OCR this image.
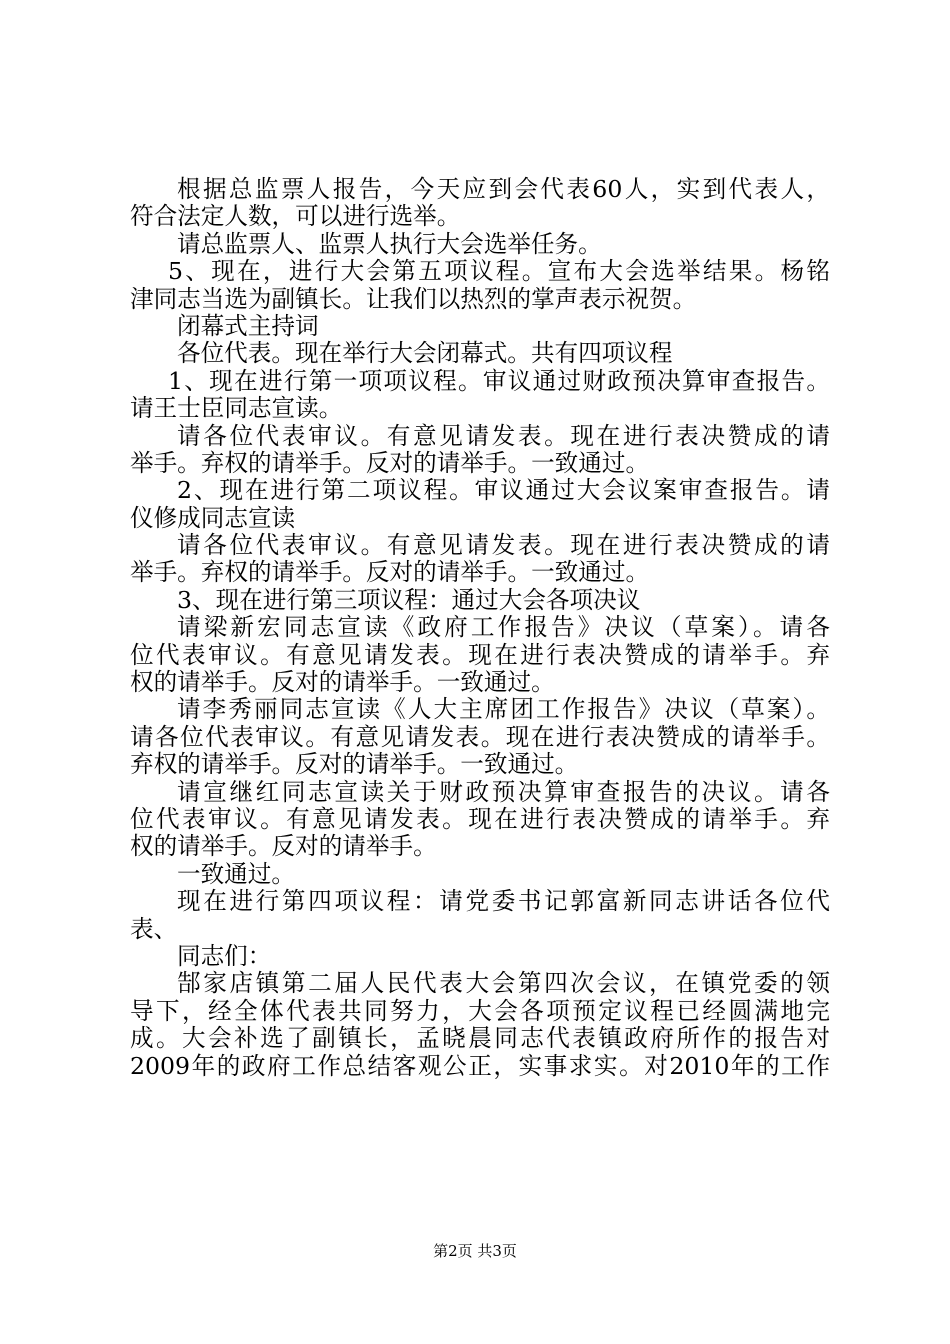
根据总监票人报告，今天应到会代表60人，实到代表人，
符合法定人数，可以进行选举。
请总监票人、监票人执行大会选举任务。
5、现在，进行大会第五项议程。宣布大会选举结果。杨铭
津同志当选为副镇长。让我们以热烈的掌声表示祝贺。
闭幕式主持词
各位代表。现在举行大会闭幕式。共有四项议程
1、现在进行第一项项议程。审议通过财政预决算审查报告。
请王士臣同志宣读。
请各位代表审议。有意见请发表。现在进行表决赞成的请
举手。弃权的请举手。反对的请举手。一致通过。
2、现在进行第二项议程。审议通过大会议案审查报告。请
仪修成同志宣读
请各位代表审议。有意见请发表。现在进行表决赞成的请
举手。弃权的请举手。反对的请举手。一致通过。
3、现在进行第三项议程：通过大会各项决议
请梁新宏同志宣读《政府工作报告》决议（草案）。请各
位代表审议。有意见请发表。现在进行表决赞成的请举手。弃
权的请举手。反对的请举手。一致通过。
请李秀丽同志宣读《人大主席团工作报告》决议（草案）。
请各位代表审议。有意见请发表。现在进行表决赞成的请举手。
弃权的请举手。反对的请举手。一致通过。
请宣继红同志宣读关于财政预决算审查报告的决议。请各
位代表审议。有意见请发表。现在进行表决赞成的请举手。弃
权的请举手。反对的请举手。
一致通过。
现在进行第四项议程：请党委书记郭富新同志讲话各位代
表、
同志们：
郜家店镇第二届人民代表大会第四次会议，在镇党委的领
导下，经全体代表共同努力，大会各项预定议程已经圆满地完
成。大会补选了副镇长，孟晓晨同志代表镇政府所作的报告对
2009年的政府工作总结客观公正，实事求实。对2010年的工作
第2页 共3页
